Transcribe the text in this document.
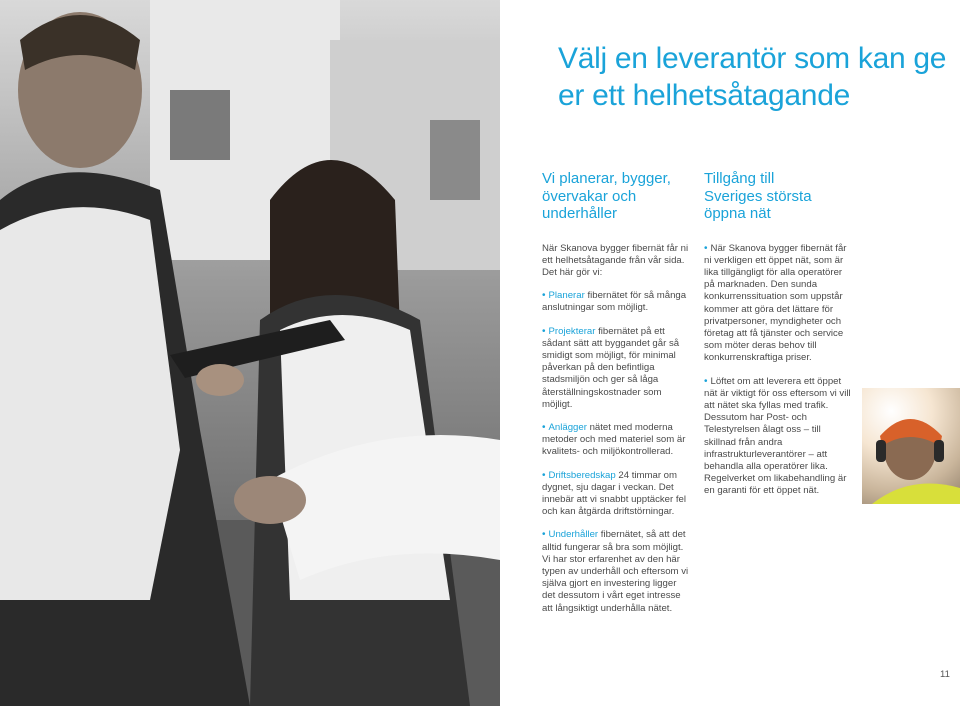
Välj en leverantör som kan ge
er ett helhetsåtagande
Vi planerar, bygger,
övervakar och
underhåller

När Skanova bygger fibernät får ni ett helhetsåtagande från vår sida. Det här gör vi:

• Planerar fibernätet för så många anslutningar som möjligt.

• Projekterar fibernätet på ett sådant sätt att byggandet går så smidigt som möjligt, för minimal påverkan på den befintliga stadsmiljön och ger så låga återställningskostnader som möjligt.

• Anlägger nätet med moderna metoder och med materiel som är kvalitets- och miljökontrollerad.

• Driftsberedskap 24 timmar om dygnet, sju dagar i veckan. Det innebär att vi snabbt upptäcker fel och kan åtgärda driftstörningar.

• Underhåller fibernätet, så att det alltid fungerar så bra som möjligt. Vi har stor erfarenhet av den här typen av underhåll och eftersom vi själva gjort en investering ligger det dessutom i vårt eget intresse att långsiktigt underhålla nätet.

Tillgång till
Sveriges största
öppna nät

• När Skanova bygger fibernät får ni verkligen ett öppet nät, som är lika tillgängligt för alla operatörer på marknaden. Den sunda konkurrenssituation som uppstår kommer att göra det lättare för privatpersoner, myndigheter och företag att få tjänster och service som möter deras behov till konkurrenskraftiga priser.

• Löftet om att leverera ett öppet nät är viktigt för oss eftersom vi vill att nätet ska fyllas med trafik. Dessutom har Post- och Telestyrelsen ålagt oss – till skillnad från andra infrastrukturleverantörer – att behandla alla operatörer lika. Regelverket om likabehandling är en garanti för ett öppet nät.

11
